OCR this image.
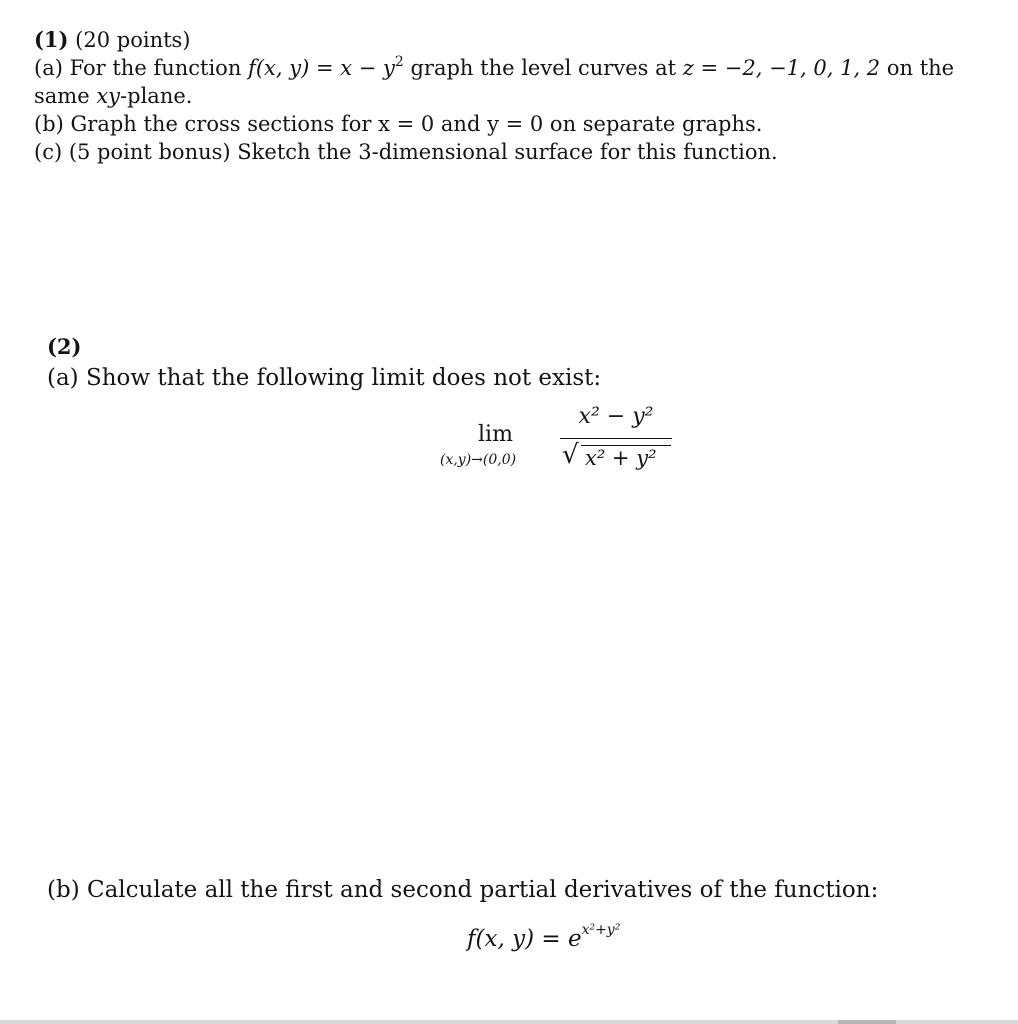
(1) (20 points)
(a) For the function f(x, $y) = x - y^2$ graph the level curves at z = −2, −1, 0, 1, 2 on the
same xy-plane.
(b) Graph the cross sections for x = 0 and y = 0 on separate graphs.
(c) (5 point bonus) Sketch the 3-dimensional surface for this function.
(2)
(a) Show that the following limit does not exist:
lim
(x,y)→(0,0)
x² − y²
√ x² + y²
(b) Calculate all the first and second partial derivatives of the function:
f(x, $y) = e^{x^2+y^2}$
